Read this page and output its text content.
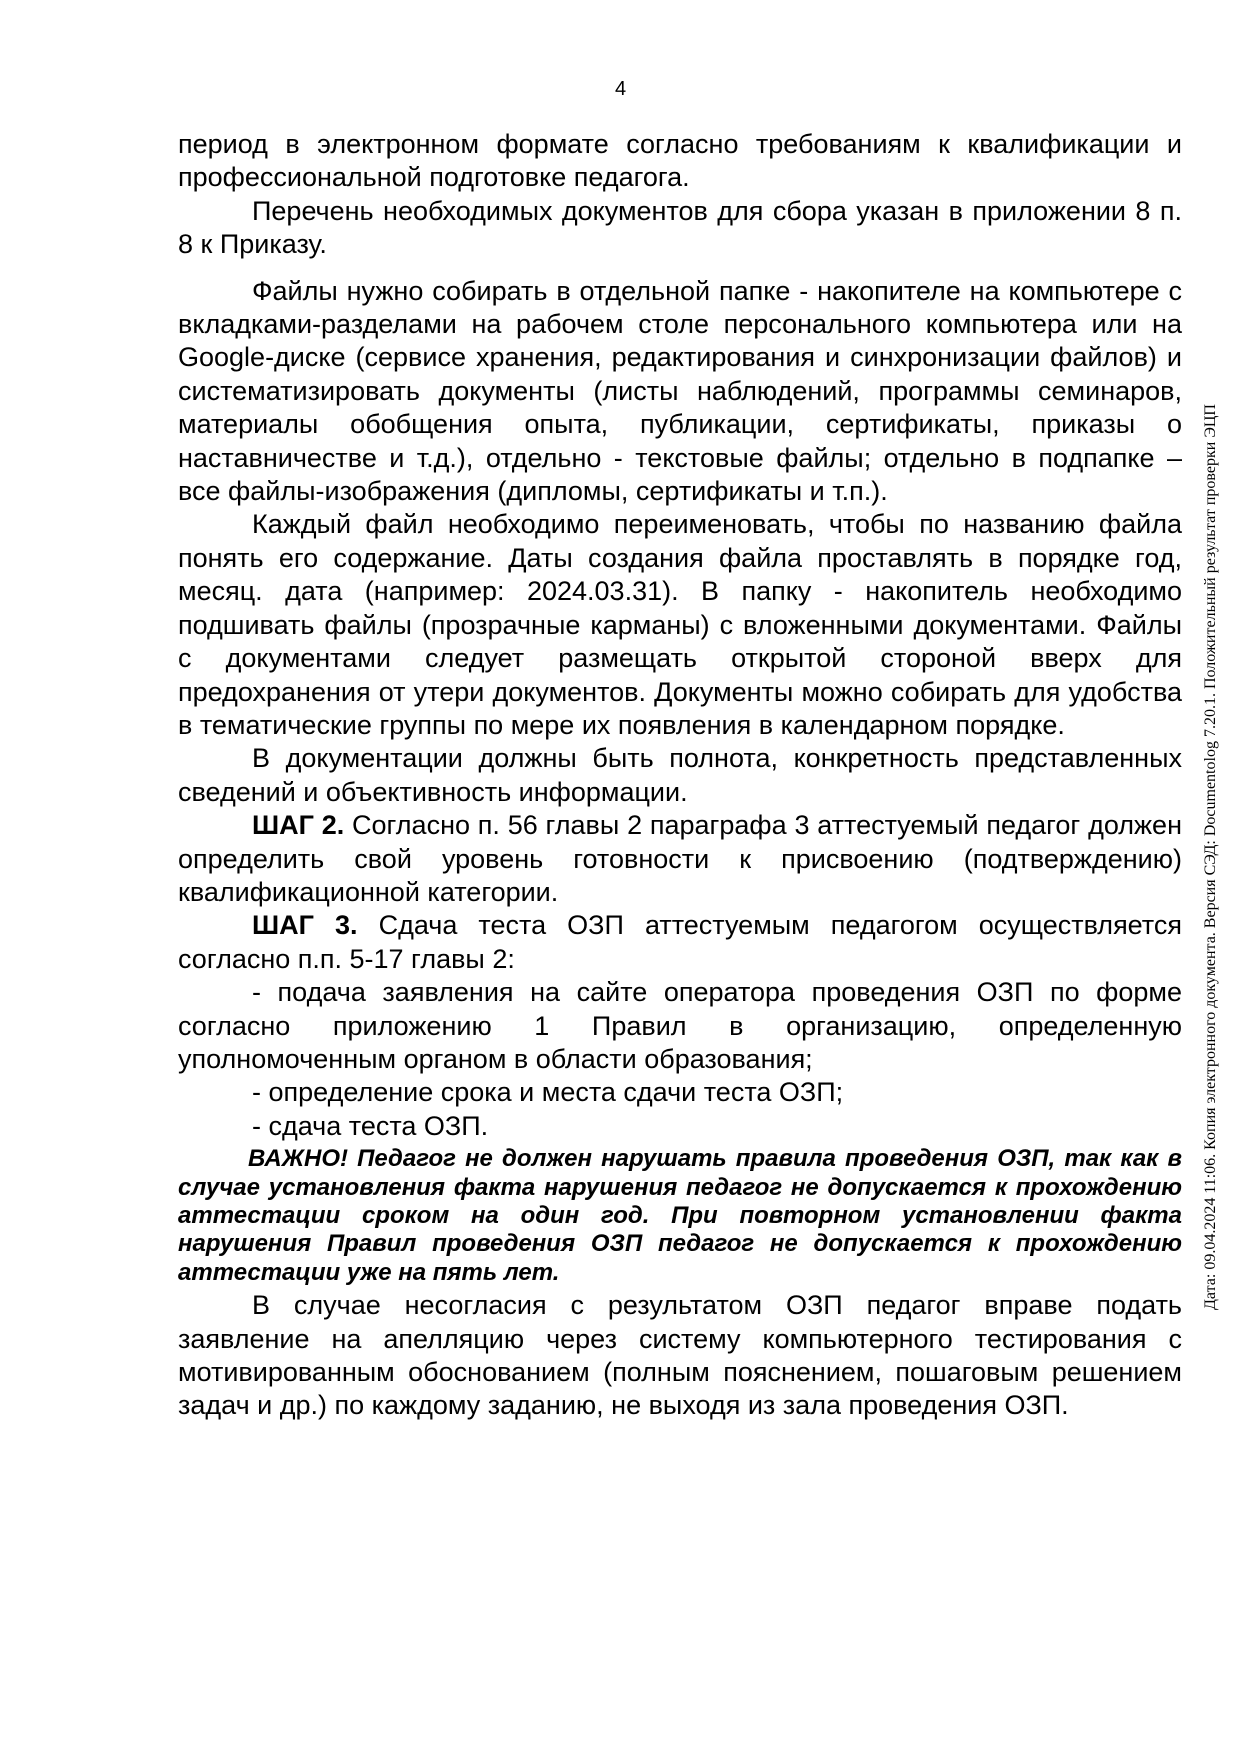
4

период в электронном формате согласно требованиям к квалификации и профессиональной подготовке педагога.

Перечень необходимых документов для сбора указан в приложении 8 п. 8 к Приказу.

Файлы нужно собирать в отдельной папке - накопителе на компьютере с вкладками-разделами на рабочем столе персонального компьютера или на Google-диске (сервисе хранения, редактирования и синхронизации файлов) и систематизировать документы (листы наблюдений, программы семинаров, материалы обобщения опыта, публикации, сертификаты, приказы о наставничестве и т.д.), отдельно - текстовые файлы; отдельно в подпапке – все файлы-изображения (дипломы, сертификаты и т.п.).

Каждый файл необходимо переименовать, чтобы по названию файла понять его содержание. Даты создания файла проставлять в порядке год, месяц. дата (например: 2024.03.31). В папку - накопитель необходимо подшивать файлы (прозрачные карманы) с вложенными документами. Файлы с документами следует размещать открытой стороной вверх для предохранения от утери документов. Документы можно собирать для удобства в тематические группы по мере их появления в календарном порядке.

В документации должны быть полнота, конкретность представленных сведений и объективность информации.

ШАГ 2. Согласно п. 56 главы 2 параграфа 3 аттестуемый педагог должен определить свой уровень готовности к присвоению (подтверждению) квалификационной категории.

ШАГ 3. Сдача теста ОЗП аттестуемым педагогом осуществляется согласно п.п. 5-17 главы 2:

- подача заявления на сайте оператора проведения ОЗП по форме согласно приложению 1 Правил в организацию, определенную уполномоченным органом в области образования;

- определение срока и места сдачи теста ОЗП;

- сдача теста ОЗП.

ВАЖНО! Педагог не должен нарушать правила проведения ОЗП, так как в случае установления факта нарушения педагог не допускается к прохождению аттестации сроком на один год. При повторном установлении факта нарушения Правил проведения ОЗП педагог не допускается к прохождению аттестации уже на пять лет.

В случае несогласия с результатом ОЗП педагог вправе подать заявление на апелляцию через систему компьютерного тестирования с мотивированным обоснованием (полным пояснением, пошаговым решением задач и др.) по каждому заданию, не выходя из зала проведения ОЗП.

Дата: 09.04.2024 11:06. Копия электронного документа. Версия СЭД: Documentolog 7.20.1. Положительный результат проверки ЭЦП
